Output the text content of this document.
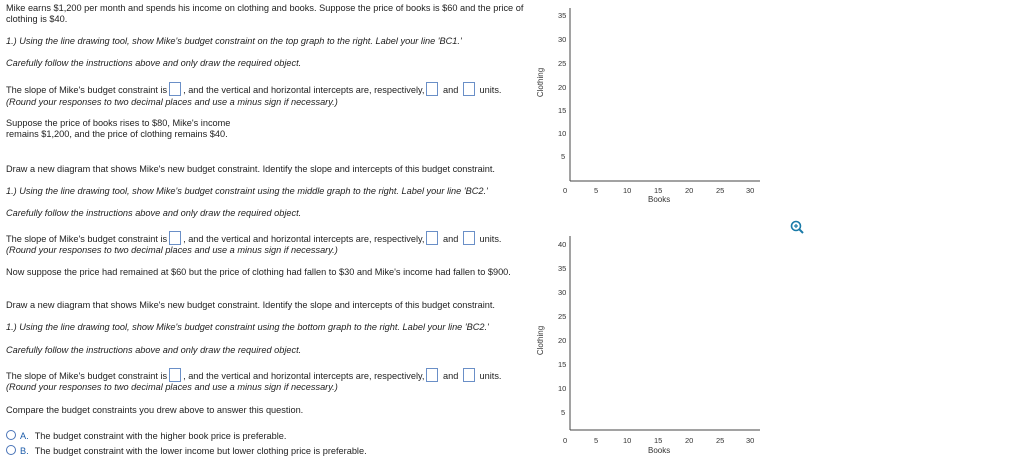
Mike earns $1,200 per month and spends his income on clothing and books. Suppose the price of books is $60 and the price of clothing is $40.

1.) Using the line drawing tool, show Mike's budget constraint on the top graph to the right. Label your line 'BC1.'

Carefully follow the instructions above and only draw the required object.

The slope of Mike's budget constraint is , and the vertical and horizontal intercepts are, respectively, and units.

(Round your responses to two decimal places and use a minus sign if necessary.)

Suppose the price of books rises to $80, Mike's income remains $1,200, and the price of clothing remains $40.

Draw a new diagram that shows Mike's new budget constraint. Identify the slope and intercepts of this budget constraint.

1.) Using the line drawing tool, show Mike's budget constraint using the middle graph to the right. Label your line 'BC2.'

Carefully follow the instructions above and only draw the required object.

The slope of Mike's budget constraint is , and the vertical and horizontal intercepts are, respectively, and units.

(Round your responses to two decimal places and use a minus sign if necessary.)

Now suppose the price had remained at $60 but the price of clothing had fallen to $30 and Mike's income had fallen to $900.

Draw a new diagram that shows Mike's new budget constraint. Identify the slope and intercepts of this budget constraint.

1.) Using the line drawing tool, show Mike's budget constraint using the bottom graph to the right. Label your line 'BC2.'

Carefully follow the instructions above and only draw the required object.

The slope of Mike's budget constraint is , and the vertical and horizontal intercepts are, respectively, and units.

(Round your responses to two decimal places and use a minus sign if necessary.)

Compare the budget constraints you drew above to answer this question.

A. The budget constraint with the higher book price is preferable.
B. The budget constraint with the lower income but lower clothing price is preferable.
Clothing
Books
35
30
25
20
15
10
5
0	5	10	15	20	25	30
Clothing
Books
40
35
30
25
20
15
10
5
0	5	10	15	20	25	30
